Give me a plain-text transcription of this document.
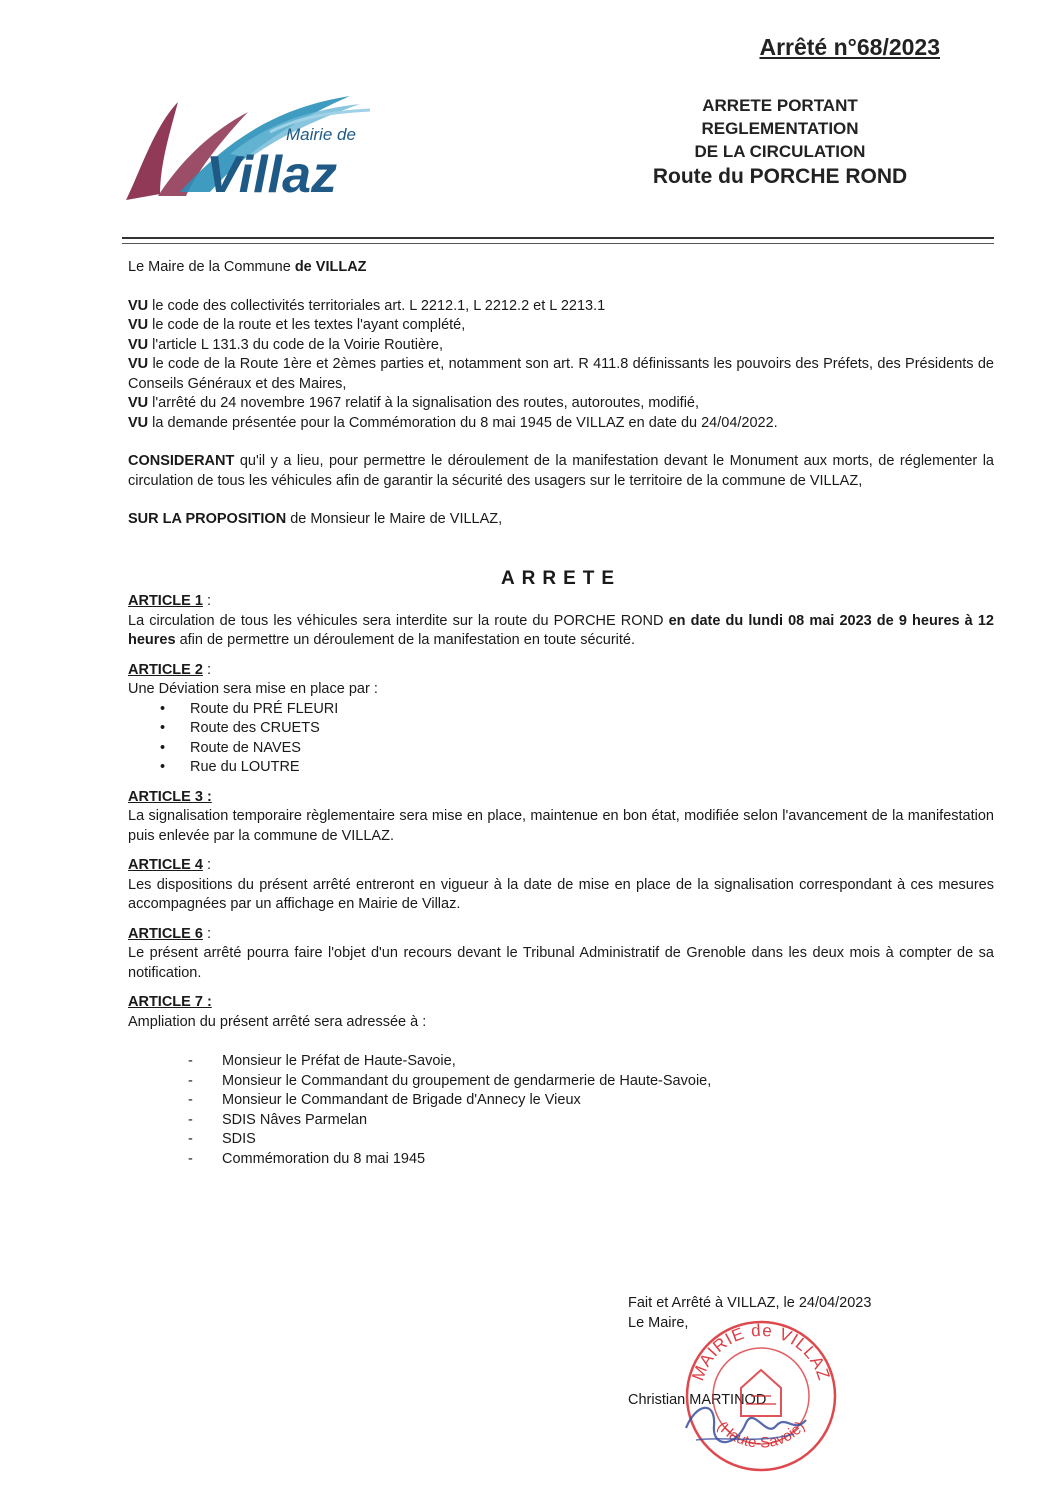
Mairie de
Villaz
Arrêté n°68/2023
ARRETE PORTANT
REGLEMENTATION
DE LA CIRCULATION
Route du PORCHE ROND

Le Maire de la Commune de VILLAZ

VU le code des collectivités territoriales art. L 2212.1, L 2212.2 et L 2213.1

VU le code de la route et les textes l'ayant complété,

VU l'article L 131.3 du code de la Voirie Routière,

VU le code de la Route 1ère et 2èmes parties et, notamment son art. R 411.8 définissants les pouvoirs des Préfets, des Présidents de Conseils Généraux et des Maires,

VU l'arrêté du 24 novembre 1967 relatif à la signalisation des routes, autoroutes, modifié,

VU la demande présentée pour la Commémoration du 8 mai 1945 de VILLAZ en date du 24/04/2022.

CONSIDERANT qu'il y a lieu, pour permettre le déroulement de la manifestation devant le Monument aux morts, de réglementer la circulation de tous les véhicules afin de garantir la sécurité des usagers sur le territoire de la commune de VILLAZ,

SUR LA PROPOSITION de Monsieur le Maire de VILLAZ,

ARRETE

ARTICLE 1 :

La circulation de tous les véhicules sera interdite sur la route du PORCHE ROND en date du lundi 08 mai 2023 de 9 heures à 12 heures afin de permettre un déroulement de la manifestation en toute sécurité.

ARTICLE 2 :

Une Déviation sera mise en place par :

• Route du PRÉ FLEURI
• Route des CRUETS
• Route de NAVES
• Rue du LOUTRE

ARTICLE 3 :

La signalisation temporaire règlementaire sera mise en place, maintenue en bon état, modifiée selon l'avancement de la manifestation puis enlevée par la commune de VILLAZ.

ARTICLE 4 :

Les dispositions du présent arrêté entreront en vigueur à la date de mise en place de la signalisation correspondant à ces mesures accompagnées par un affichage en Mairie de Villaz.

ARTICLE 6 :

Le présent arrêté pourra faire l'objet d'un recours devant le Tribunal Administratif de Grenoble dans les deux mois à compter de sa notification.

ARTICLE 7 :

Ampliation du présent arrêté sera adressée à :

- Monsieur le Préfat de Haute-Savoie,
- Monsieur le Commandant du groupement de gendarmerie de Haute-Savoie,
- Monsieur le Commandant de Brigade d'Annecy le Vieux
- SDIS Nâves Parmelan
- SDIS
- Commémoration du 8 mai 1945

Fait et Arrêté à VILLAZ, le 24/04/2023

Le Maire,

Christian MARTINOD

MAIRIE de VILLAZ
(Haute-Savoie)
